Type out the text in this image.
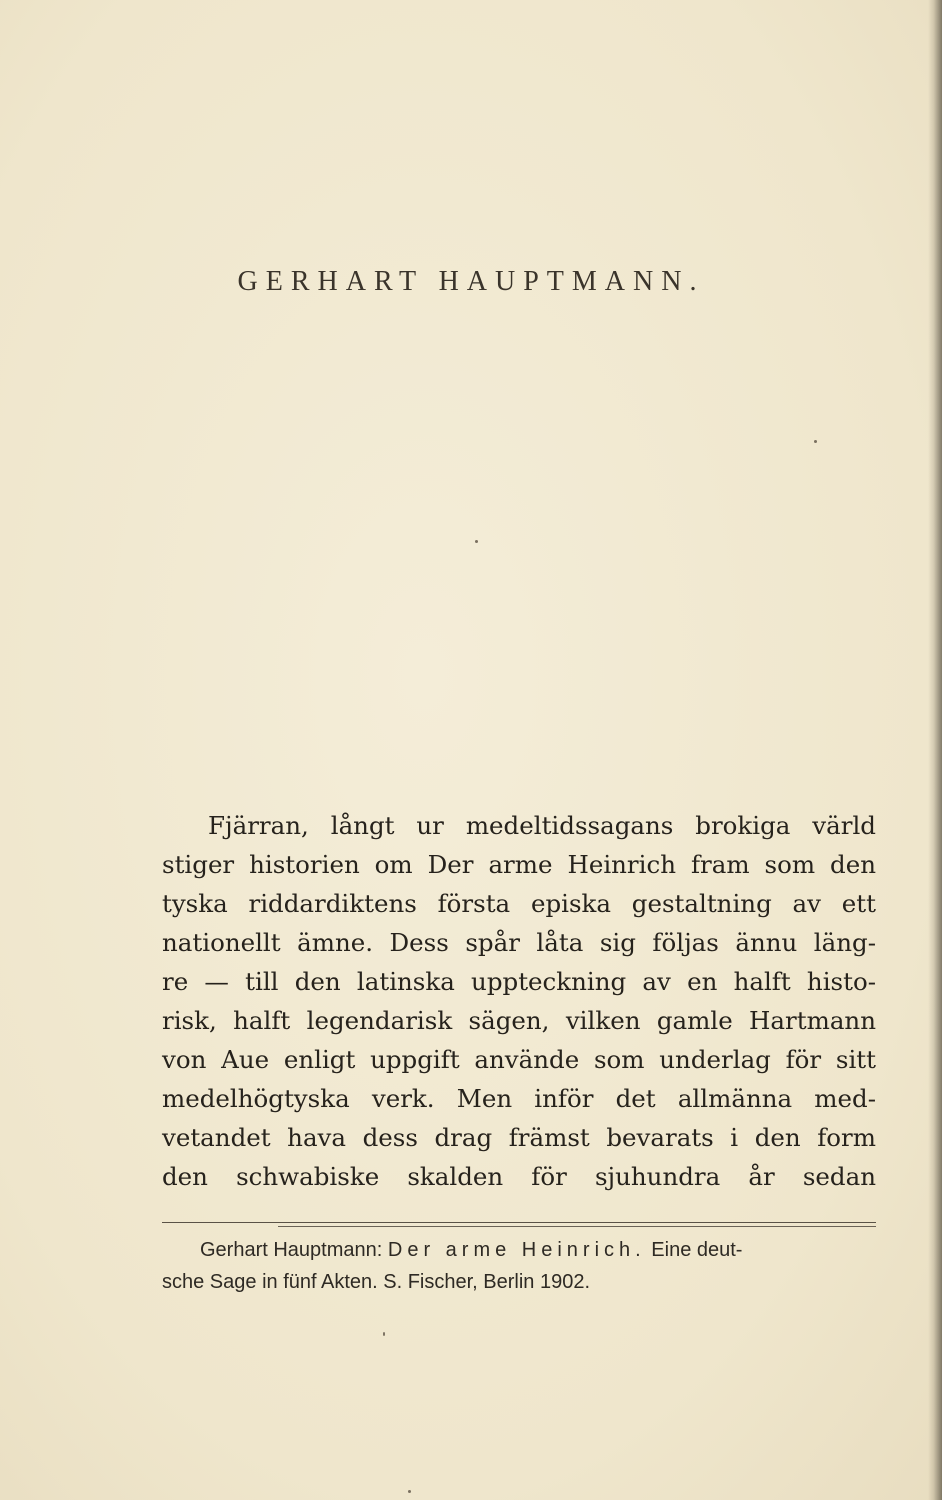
GERHART HAUPTMANN.
Fjärran, långt ur medeltidssagans brokiga värld
stiger historien om Der arme Heinrich fram som den
tyska riddardiktens första episka gestaltning av ett
nationellt ämne. Dess spår låta sig följas ännu läng-
re — till den latinska uppteckning av en halft histo-
risk, halft legendarisk sägen, vilken gamle Hartmann
von Aue enligt uppgift använde som underlag för sitt
medelhögtyska verk. Men inför det allmänna med-
vetandet hava dess drag främst bevarats i den form
den schwabiske skalden för sjuhundra år sedan
Gerhart Hauptmann: Der arme Heinrich. Eine deut-
sche Sage in fünf Akten. S. Fischer, Berlin 1902.
